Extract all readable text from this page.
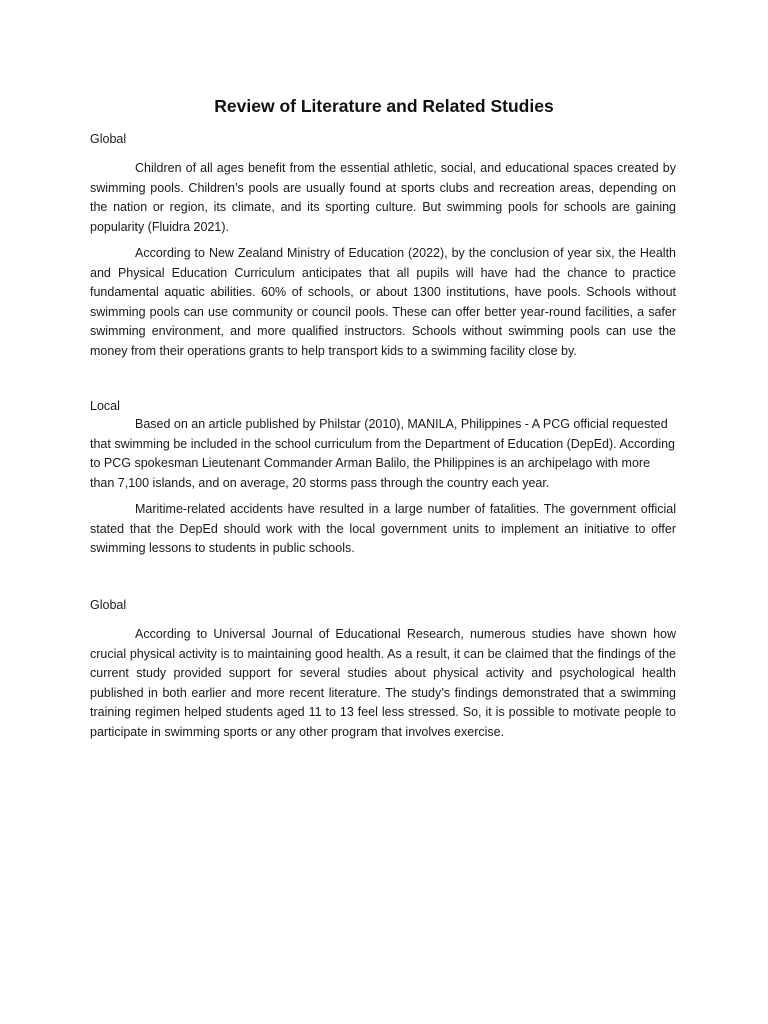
Review of Literature and Related Studies
Global
Children of all ages benefit from the essential athletic, social, and educational spaces created by swimming pools. Children’s pools are usually found at sports clubs and recreation areas, depending on the nation or region, its climate, and its sporting culture. But swimming pools for schools are gaining popularity (Fluidra 2021).
According to New Zealand Ministry of Education (2022), by the conclusion of year six, the Health and Physical Education Curriculum anticipates that all pupils will have had the chance to practice fundamental aquatic abilities. 60% of schools, or about 1300 institutions, have pools. Schools without swimming pools can use community or council pools. These can offer better year-round facilities, a safer swimming environment, and more qualified instructors. Schools without swimming pools can use the money from their operations grants to help transport kids to a swimming facility close by.
Local
Based on an article published by Philstar (2010), MANILA, Philippines - A PCG official requested that swimming be included in the school curriculum from the Department of Education (DepEd). According to PCG spokesman Lieutenant Commander Arman Balilo, the Philippines is an archipelago with more than 7,100 islands, and on average, 20 storms pass through the country each year.
Maritime-related accidents have resulted in a large number of fatalities. The government official stated that the DepEd should work with the local government units to implement an initiative to offer swimming lessons to students in public schools.
Global
According to Universal Journal of Educational Research, numerous studies have shown how crucial physical activity is to maintaining good health. As a result, it can be claimed that the findings of the current study provided support for several studies about physical activity and psychological health published in both earlier and more recent literature. The study’s findings demonstrated that a swimming training regimen helped students aged 11 to 13 feel less stressed. So, it is possible to motivate people to participate in swimming sports or any other program that involves exercise.
